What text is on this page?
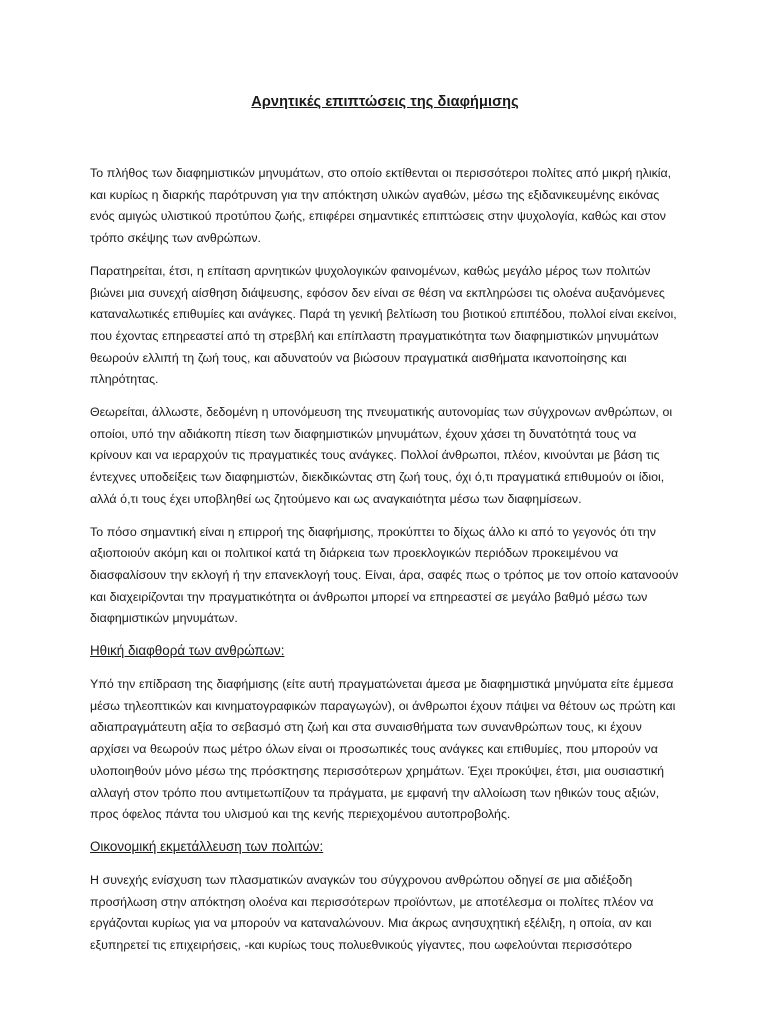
Αρνητικές επιπτώσεις της διαφήμισης

Το πλήθος των διαφημιστικών μηνυμάτων, στο οποίο εκτίθενται οι περισσότεροι πολίτες από μικρή ηλικία, και κυρίως η διαρκής παρότρυνση για την απόκτηση υλικών αγαθών, μέσω της εξιδανικευμένης εικόνας ενός αμιγώς υλιστικού προτύπου ζωής, επιφέρει σημαντικές επιπτώσεις στην ψυχολογία, καθώς και στον τρόπο σκέψης των ανθρώπων.

Παρατηρείται, έτσι, η επίταση αρνητικών ψυχολογικών φαινομένων, καθώς μεγάλο μέρος των πολιτών βιώνει μια συνεχή αίσθηση διάψευσης, εφόσον δεν είναι σε θέση να εκπληρώσει τις ολοένα αυξανόμενες καταναλωτικές επιθυμίες και ανάγκες. Παρά τη γενική βελτίωση του βιοτικού επιπέδου, πολλοί είναι εκείνοι, που έχοντας επηρεαστεί από τη στρεβλή και επίπλαστη πραγματικότητα των διαφημιστικών μηνυμάτων θεωρούν ελλιπή τη ζωή τους, και αδυνατούν να βιώσουν πραγματικά αισθήματα ικανοποίησης και πληρότητας.

Θεωρείται, άλλωστε, δεδομένη η υπονόμευση της πνευματικής αυτονομίας των σύγχρονων ανθρώπων, οι οποίοι, υπό την αδιάκοπη πίεση των διαφημιστικών μηνυμάτων, έχουν χάσει τη δυνατότητά τους να κρίνουν και να ιεραρχούν τις πραγματικές τους ανάγκες. Πολλοί άνθρωποι, πλέον, κινούνται με βάση τις έντεχνες υποδείξεις των διαφημιστών, διεκδικώντας στη ζωή τους, όχι ό,τι πραγματικά επιθυμούν οι ίδιοι, αλλά ό,τι τους έχει υποβληθεί ως ζητούμενο και ως αναγκαιότητα μέσω των διαφημίσεων.

Το πόσο σημαντική είναι η επιρροή της διαφήμισης, προκύπτει το δίχως άλλο κι από το γεγονός ότι την αξιοποιούν ακόμη και οι πολιτικοί κατά τη διάρκεια των προεκλογικών περιόδων προκειμένου να διασφαλίσουν την εκλογή ή την επανεκλογή τους. Είναι, άρα, σαφές πως ο τρόπος με τον οποίο κατανοούν και διαχειρίζονται την πραγματικότητα οι άνθρωποι μπορεί να επηρεαστεί σε μεγάλο βαθμό μέσω των διαφημιστικών μηνυμάτων.

Ηθική διαφθορά των ανθρώπων:

Υπό την επίδραση της διαφήμισης (είτε αυτή πραγματώνεται άμεσα με διαφημιστικά μηνύματα είτε έμμεσα μέσω τηλεοπτικών και κινηματογραφικών παραγωγών), οι άνθρωποι έχουν πάψει να θέτουν ως πρώτη και αδιαπραγμάτευτη αξία το σεβασμό στη ζωή και στα συναισθήματα των συνανθρώπων τους, κι έχουν αρχίσει να θεωρούν πως μέτρο όλων είναι οι προσωπικές τους ανάγκες και επιθυμίες, που μπορούν να υλοποιηθούν μόνο μέσω της πρόσκτησης περισσότερων χρημάτων. Έχει προκύψει, έτσι, μια ουσιαστική αλλαγή στον τρόπο που αντιμετωπίζουν τα πράγματα, με εμφανή την αλλοίωση των ηθικών τους αξιών, προς όφελος πάντα του υλισμού και της κενής περιεχομένου αυτοπροβολής.

Οικονομική εκμετάλλευση των πολιτών:

Η συνεχής ενίσχυση των πλασματικών αναγκών του σύγχρονου ανθρώπου οδηγεί σε μια αδιέξοδη προσήλωση στην απόκτηση ολοένα και περισσότερων προϊόντων, με αποτέλεσμα οι πολίτες πλέον να εργάζονται κυρίως για να μπορούν να καταναλώνουν. Μια άκρως ανησυχητική εξέλιξη, η οποία, αν και εξυπηρετεί τις επιχειρήσεις, -και κυρίως τους πολυεθνικούς γίγαντες, που ωφελούνται περισσότερο
